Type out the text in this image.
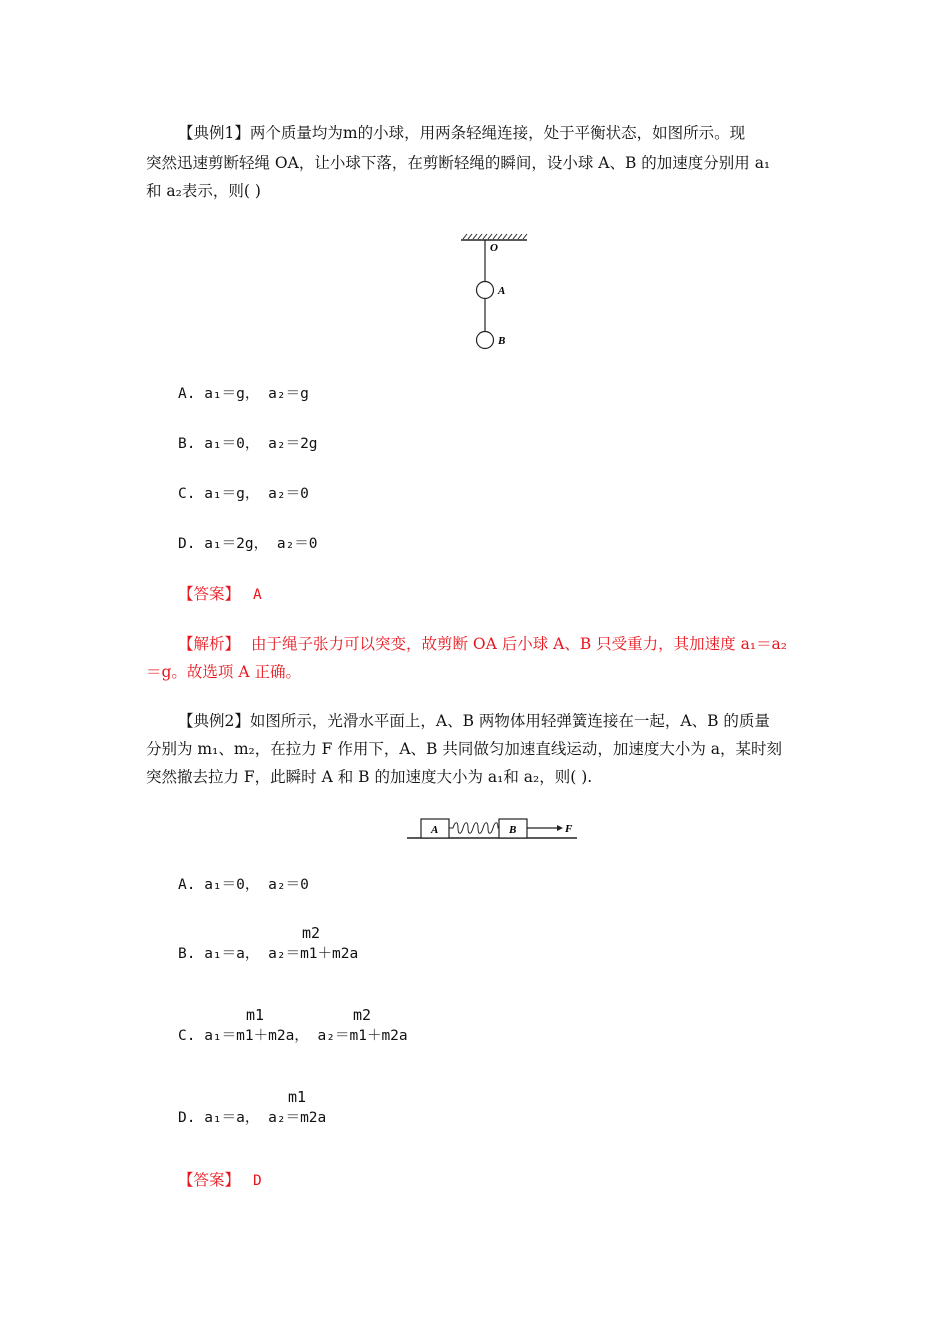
【典例1】两个质量均为m的小球，用两条轻绳连接，处于平衡状态，如图所示。现
突然迅速剪断轻绳 OA，让小球下落，在剪断轻绳的瞬间，设小球 A、B 的加速度分别用 a₁
和 a₂表示，则( )
O
A
B
A. a₁＝g， a₂＝g
B. a₁＝0， a₂＝2g
C. a₁＝g， a₂＝0
D. a₁＝2g， a₂＝0
【答案】 A
【解析】 由于绳子张力可以突变，故剪断 OA 后小球 A、B 只受重力，其加速度 a₁＝a₂
＝g。故选项 A 正确。
【典例2】如图所示，光滑水平面上，A、B 两物体用轻弹簧连接在一起，A、B 的质量
分别为 m₁、m₂，在拉力 F 作用下，A、B 共同做匀加速直线运动，加速度大小为 a，某时刻
突然撤去拉力 F，此瞬时 A 和 B 的加速度大小为 a₁和 a₂，则( ).
A	B	F
A. a₁＝0， a₂＝0
m2
B. a₁＝a， a₂＝m1＋m2a
m1	m2
C. a₁＝m1＋m2a， a₂＝m1＋m2a
m1
D. a₁＝a， a₂＝m2a
【答案】 D
